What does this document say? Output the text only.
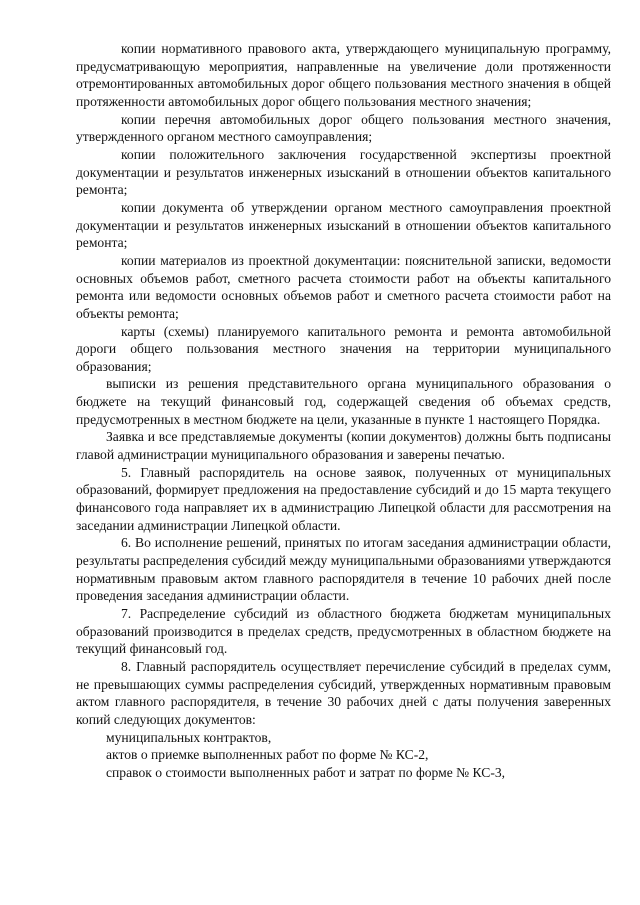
копии нормативного правового акта, утверждающего муниципальную программу, предусматривающую мероприятия, направленные на увеличение доли протяженности отремонтированных автомобильных дорог общего пользования местного значения в общей протяженности автомобильных дорог общего пользования местного значения;

копии перечня автомобильных дорог общего пользования местного значения, утвержденного органом местного самоуправления;

копии положительного заключения государственной экспертизы проектной документации и результатов инженерных изысканий в отношении объектов капитального ремонта;

копии документа об утверждении органом местного самоуправления проектной документации и результатов инженерных изысканий в отношении объектов капитального ремонта;

копии материалов из проектной документации: пояснительной записки, ведомости основных объемов работ, сметного расчета стоимости работ на объекты капитального ремонта или ведомости основных объемов работ и сметного расчета стоимости работ на объекты ремонта;

карты (схемы) планируемого капитального ремонта и ремонта автомобильной дороги общего пользования местного значения на территории муниципального образования;

выписки из решения представительного органа муниципального образования о бюджете на текущий финансовый год, содержащей сведения об объемах средств, предусмотренных в местном бюджете на цели, указанные в пункте 1 настоящего Порядка.

Заявка и все представляемые документы (копии документов) должны быть подписаны главой администрации муниципального образования и заверены печатью.

5. Главный распорядитель на основе заявок, полученных от муниципальных образований, формирует предложения на предоставление субсидий и до 15 марта текущего финансового года направляет их в администрацию Липецкой области для рассмотрения на заседании администрации Липецкой области.

6. Во исполнение решений, принятых по итогам заседания администрации области, результаты распределения субсидий между муниципальными образованиями утверждаются нормативным правовым актом главного распорядителя в течение 10 рабочих дней после проведения заседания администрации области.

7. Распределение субсидий из областного бюджета бюджетам муниципальных образований производится в пределах средств, предусмотренных в областном бюджете на текущий финансовый год.

8. Главный распорядитель осуществляет перечисление субсидий в пределах сумм, не превышающих суммы распределения субсидий, утвержденных нормативным правовым актом главного распорядителя, в течение 30 рабочих дней с даты получения заверенных копий следующих документов:

муниципальных контрактов,

актов о приемке выполненных работ по форме № КС-2,

справок о стоимости выполненных работ и затрат по форме № КС-3,
